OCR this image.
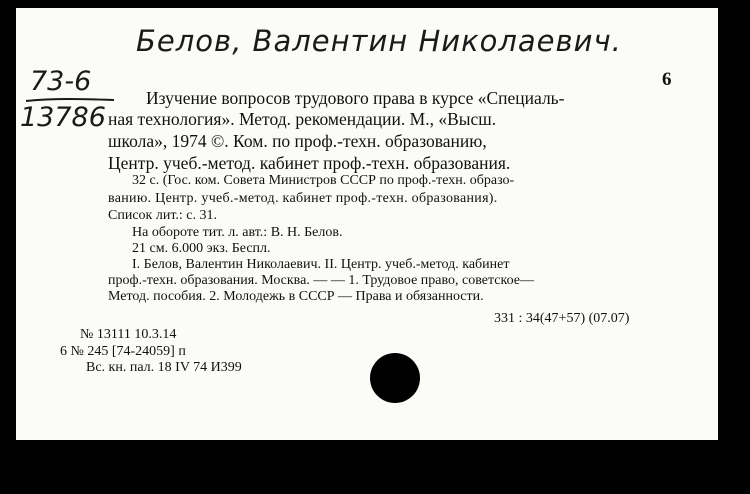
Белов, Валентин Николаевич.
73-6
13786
6
Изучение вопросов трудового права в курсе «Специаль-
ная технология». Метод. рекомендации. М., «Высш.
школа», 1974 ©. Ком. по проф.-техн. образованию,
Центр. учеб.-метод. кабинет проф.-техн. образования.
32 с. (Гос. ком. Совета Министров СССР по проф.-техн. образо-
ванию. Центр. учеб.-метод. кабинет проф.-техн. образования).
Список лит.: с. 31.
На обороте тит. л. авт.: В. Н. Белов.
21 см. 6.000 экз. Беспл.
I. Белов, Валентин Николаевич. II. Центр. учеб.-метод. кабинет
проф.-техн. образования. Москва. — — 1. Трудовое право, советское—
Метод. пособия. 2. Молодежь в СССР — Права и обязанности.
331 : 34(47+57) (07.07)
№ 13111 10.3.14
6 № 245 [74-24059] п
Вс. кн. пал. 18 IV 74 И399
